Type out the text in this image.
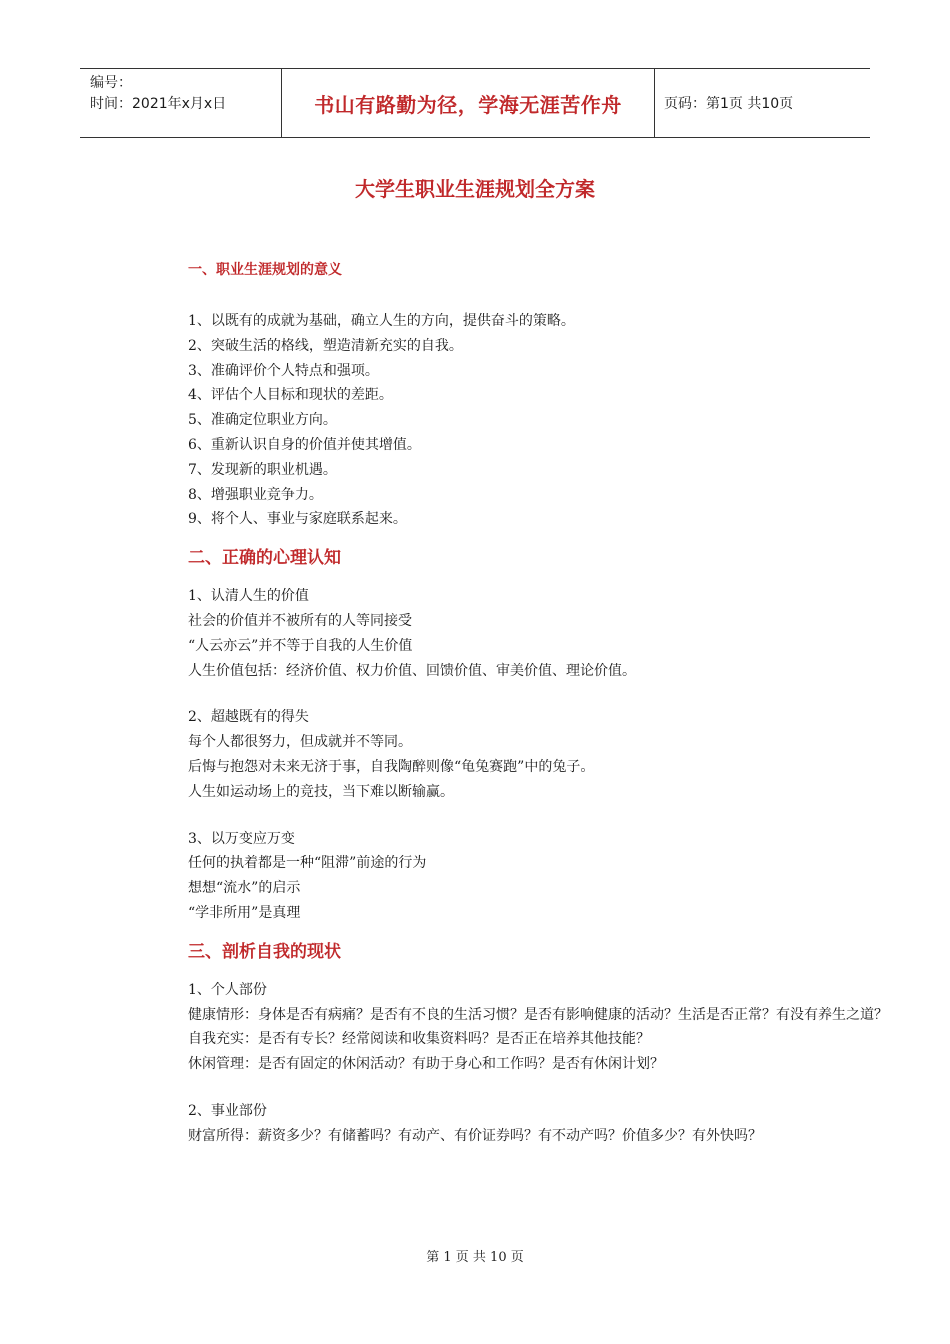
编号：
时间：2021年x月x日	书山有路勤为径，学海无涯苦作舟	页码：第1页 共10页
大学生职业生涯规划全方案
一、职业生涯规划的意义
1、以既有的成就为基础，确立人生的方向，提供奋斗的策略。
2、突破生活的格线，塑造清新充实的自我。
3、准确评价个人特点和强项。
4、评估个人目标和现状的差距。
5、准确定位职业方向。
6、重新认识自身的价值并使其增值。
7、发现新的职业机遇。
8、增强职业竞争力。
9、将个人、事业与家庭联系起来。
二、正确的心理认知
1、认清人生的价值
社会的价值并不被所有的人等同接受
“人云亦云”并不等于自我的人生价值
人生价值包括：经济价值、权力价值、回馈价值、审美价值、理论价值。
2、超越既有的得失
每个人都很努力，但成就并不等同。
后悔与抱怨对未来无济于事，自我陶醉则像“龟兔赛跑”中的兔子。
人生如运动场上的竞技，当下难以断输赢。
3、以万变应万变
任何的执着都是一种“阻滞”前途的行为
想想“流水”的启示
“学非所用”是真理
三、剖析自我的现状
1、个人部份
健康情形：身体是否有病痛？是否有不良的生活习惯？是否有影响健康的活动？生活是否正常？有没有养生之道？
自我充实：是否有专长？经常阅读和收集资料吗？是否正在培养其他技能？
休闲管理：是否有固定的休闲活动？有助于身心和工作吗？是否有休闲计划？
2、事业部份
财富所得：薪资多少？有储蓄吗？有动产、有价证券吗？有不动产吗？价值多少？有外快吗？
第 1 页 共 10 页
